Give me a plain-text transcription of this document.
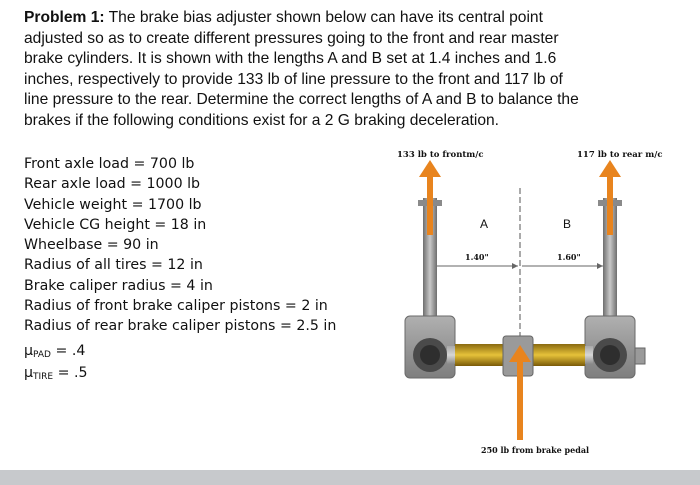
Problem 1: The brake bias adjuster shown below can have its central point
adjusted so as to create different pressures going to the front and rear master
brake cylinders. It is shown with the lengths A and B set at 1.4 inches and 1.6
inches, respectively to provide 133 lb of line pressure to the front and 117 lb of
line pressure to the rear. Determine the correct lengths of A and B to balance the
brakes if the following conditions exist for a 2 G braking deceleration.
Front axle load = 700 lb
Rear axle load = 1000 lb
Vehicle weight = 1700 lb
Vehicle CG height = 18 in
Wheelbase = 90 in
Radius of all tires = 12 in
Brake caliper radius = 4 in
Radius of front brake caliper pistons = 2 in
Radius of rear brake caliper pistons = 2.5 in
$\mu_{PAD} = .4$
$\mu_{TIRE} = .5$
133 lb to frontm/c	117 lb to rear m/c
A	B
1.40"	1.60"
250 lb from brake pedal
